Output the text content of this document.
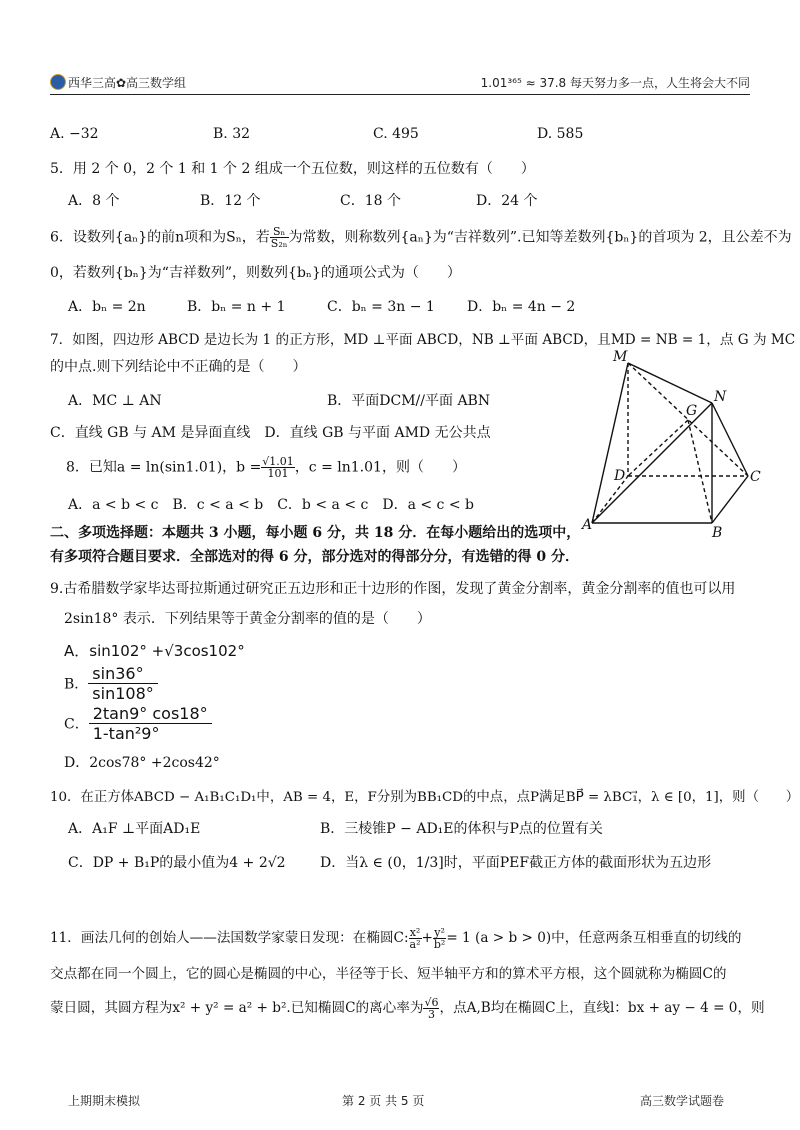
西华三高✿高三数学组	1.01³⁶⁵ ≈ 37.8 每天努力多一点，人生将会大不同
A. −32	B. 32	C. 495	D. 585
5．用 2 个 0，2 个 1 和 1 个 2 组成一个五位数，则这样的五位数有（　　）
A．8 个	B．12 个	C．18 个	D．24 个
6．设数列{aₙ}的前n项和为Sₙ，若 $\frac{\text{Sₙ}}{\text{S₂ₙ}}$ 为常数，则称数列{aₙ}为“吉祥数列”.已知等差数列{bₙ}的首项为 2，且公差不为
0，若数列{bₙ}为“吉祥数列”，则数列{bₙ}的通项公式为（　　）
A．bₙ = 2n	B．bₙ = n + 1	C．bₙ = 3n − 1 D．bₙ = 4n − 2
7．如图，四边形 ABCD 是边长为 1 的正方形，MD ⊥平面 ABCD，NB ⊥平面 ABCD，且MD = NB = 1，点 G 为 MC
的中点.则下列结论中不正确的是（　　）
A．MC ⊥ AN	B．平面DCM//平面 ABN
C．直线 GB 与 AM 是异面直线　D．直线 GB 与平面 AMD 无公共点
8．已知a = ln(sin1.01)，$b = \frac{√1.01}{101}$ ，c = ln1.01，则（　　）
A．a < b < c　B．c < a < b　C．b < a < c　D．a < c < b
二、多项选择题：本题共 3 小题，每小题 6 分，共 18 分．在每小题给出的选项中，
有多项符合题目要求．全部选对的得 6 分，部分选对的得部分分，有选错的得 0 分．
M
N
G
D	C
A	B
9.古希腊数学家毕达哥拉斯通过研究正五边形和正十边形的作图，发现了黄金分割率，黄金分割率的值也可以用
2sin18° 表示．下列结果等于黄金分割率的值的是（　　）
A．sin102° +√3cos102°
B． $\frac{\sin 36^\circ}{\sin 108^\circ}$
C． $\frac{2\tan 9^\circ \cos 18^\circ}{\text{1-tan²9°}}$
D．2cos78° +2cos42°
10．在正方体ABCD − A₁B₁C₁D₁中，AB = 4，E，F分别为BB₁CD的中点，点P满足BP⃗ = λBC₁⃗，λ ∈ [0，1]，则（　　）
A．A₁F ⊥平面AD₁E	B．三棱锥P − AD₁E的体积与P点的位置有关
C．DP + B₁P的最小值为4 + 2√2 D．当λ ∈ (0，1/3]时，平面PEF截正方体的截面形状为五边形
11．画法几何的创始人——法国数学家蒙日发现：在椭圆C: $\frac{\text{x²}}{\text{a²}} + \frac{\text{y²}}{\text{b²}} = 1$ (a > b > 0)中，任意两条互相垂直的切线的
交点都在同一个圆上，它的圆心是椭圆的中心，半径等于长、短半轴平方和的算术平方根，这个圆就称为椭圆C的
蒙日圆，其圆方程为x² + y² = a² + b².已知椭圆C的离心率为 $\frac{√6}{3}$ ，点A,B均在椭圆C上，直线l：bx + ay − 4 = 0，则
上期期末模拟	第 2 页 共 5 页	高三数学试题卷
